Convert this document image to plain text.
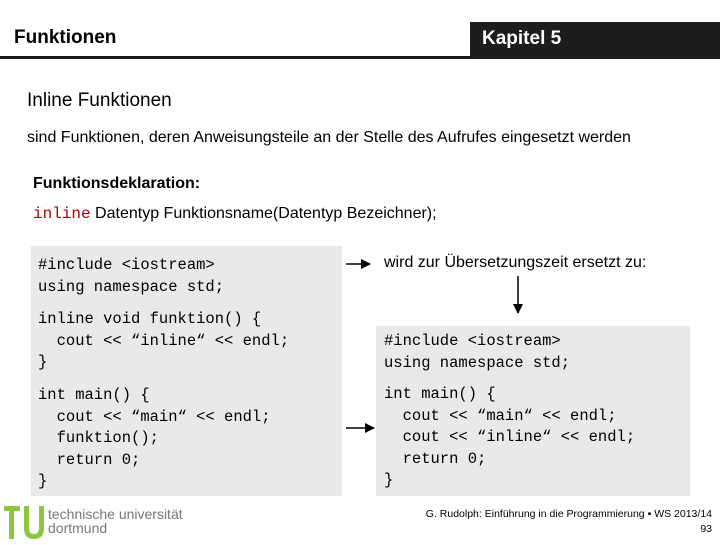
Funktionen	Kapitel 5
Inline Funktionen
sind Funktionen, deren Anweisungsteile an der Stelle des Aufrufes eingesetzt werden
Funktionsdeklaration:
inline Datentyp Funktionsname(Datentyp Bezeichner);
#include <iostream>
using namespace std;
inline void funktion() {
cout << “inline“ << endl;
}
int main() {
cout << “main“ << endl;
funktion();
return 0;
}
wird zur Übersetzungszeit ersetzt zu:
#include <iostream>
using namespace std;
int main() {
cout << “main“ << endl;
cout << “inline“ << endl;
return 0;
}
technische universität
dortmund
G. Rudolph: Einführung in die Programmierung ▪ WS 2013/14
93
